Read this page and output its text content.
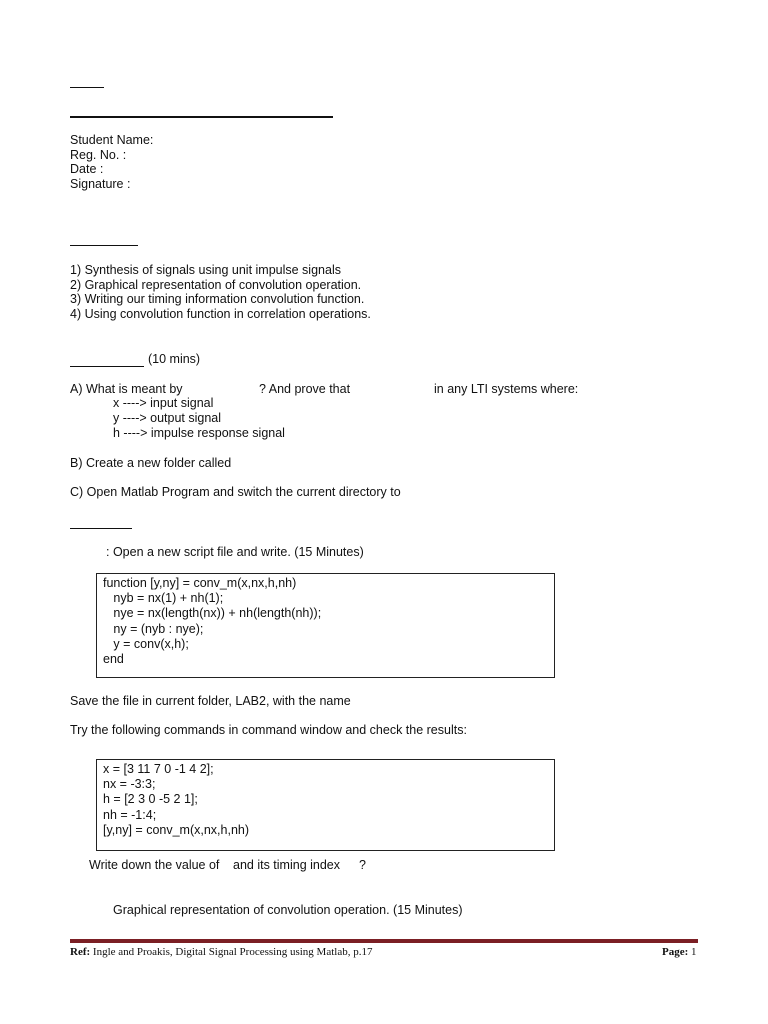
Student Name:
Reg. No. :
Date :
Signature :
1) Synthesis of signals using unit impulse signals
2) Graphical representation of convolution operation.
3) Writing our timing information convolution function.
4) Using convolution function in correlation operations.
(10 mins)
A) What is meant by	? And prove that	in any LTI systems where:
x ----> input signal
y ----> output signal
h ----> impulse response signal
B) Create a new folder called
C) Open Matlab Program and switch the current directory to
: Open a new script file and write. (15 Minutes)
function [y,ny] = conv_m(x,nx,h,nh)
nyb = nx(1) + nh(1);
nye = nx(length(nx)) + nh(length(nh));
ny = (nyb : nye);
y = conv(x,h);
end
Save the file in current folder, LAB2, with the name
Try the following commands in command window and check the results:
x = [3 11 7 0 -1 4 2];
nx = -3:3;
h = [2 3 0 -5 2 1];
nh = -1:4;
[y,ny] = conv_m(x,nx,h,nh)
Write down the value of and its timing index ?
Graphical representation of convolution operation. (15 Minutes)
Ref: Ingle and Proakis, Digital Signal Processing using Matlab, p.17	Page: 1
